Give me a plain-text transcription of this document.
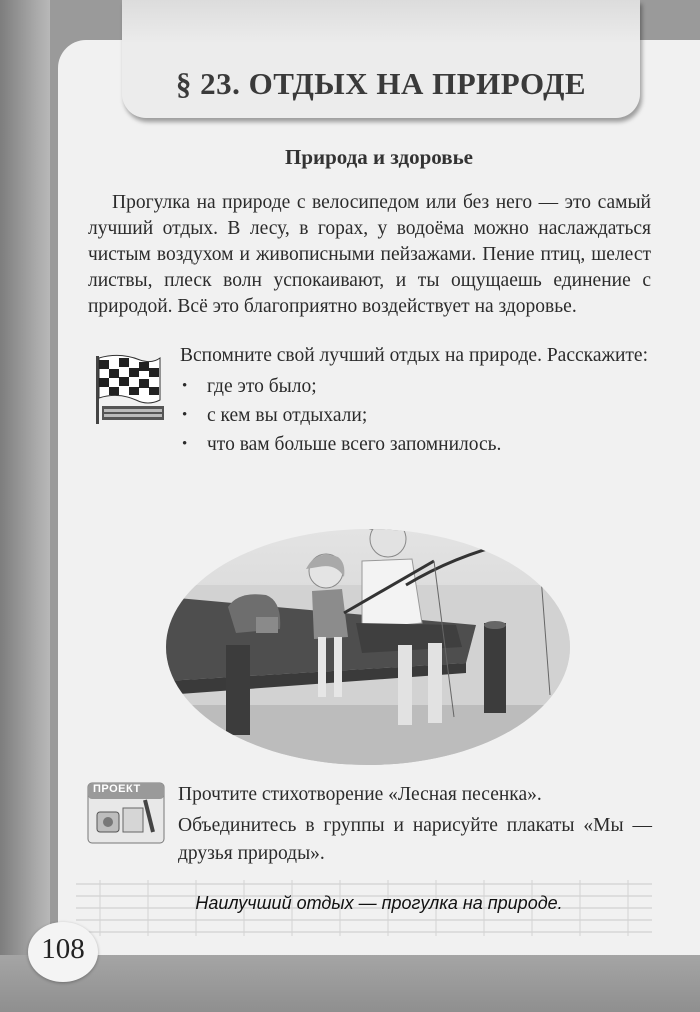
§ 23. ОТДЫХ НА ПРИРОДЕ
Природа и здоровье

Прогулка на природе с велосипедом или без него — это самый лучший отдых. В лесу, в горах, у водоёма можно наслаждаться чистым воздухом и живописными пейзажами. Пение птиц, шелест листвы, плеск волн успокаивают, и ты ощущаешь единение с природой. Всё это благоприятно воздействует на здоровье.

Вспомните свой лучший отдых на природе. Расскажите:
• где это было;
• с кем вы отдыхали;
• что вам больше всего запомнилось.
ПРОЕКТ Прочтите стихотворение «Лесная песенка».

Объединитесь в группы и нарисуйте плакаты «Мы — друзья природы».

Наилучший отдых — прогулка на природе.
108
